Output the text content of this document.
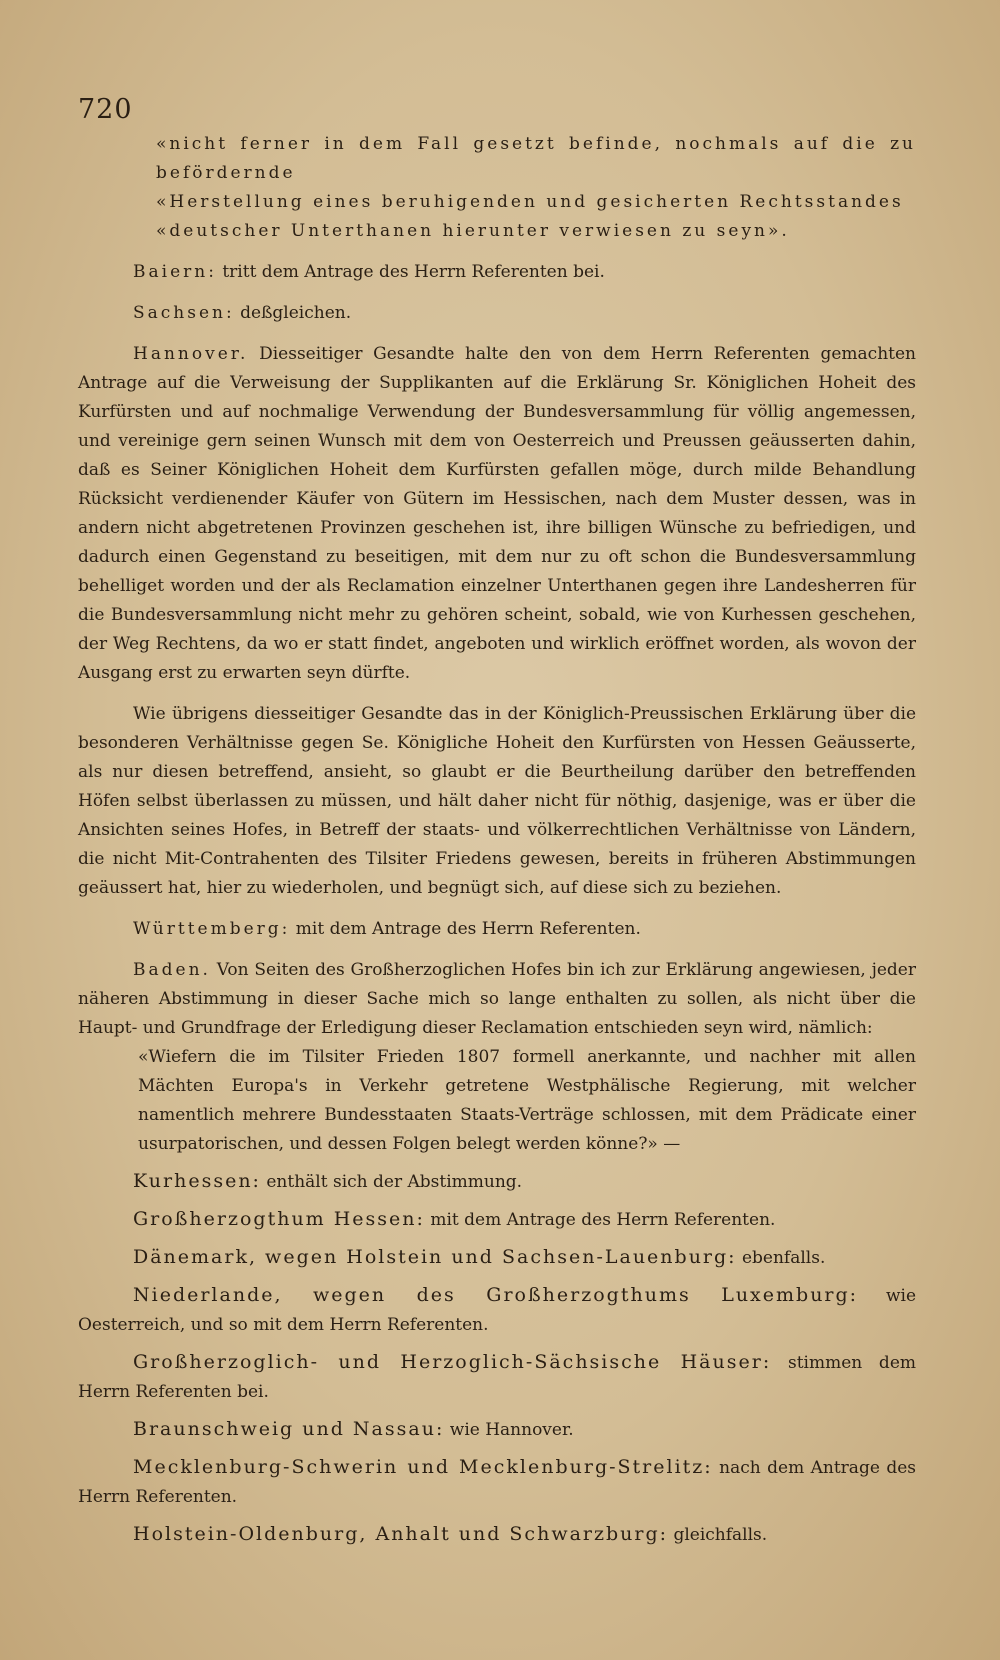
720

«nicht ferner in dem Fall gesetzt befinde, nochmals auf die zu befördernde

«Herstellung eines beruhigenden und gesicherten Rechtsstandes

«deutscher Unterthanen hierunter verwiesen zu seyn».

Baiern: tritt dem Antrage des Herrn Referenten bei.

Sachsen: deßgleichen.

Hannover. Diesseitiger Gesandte halte den von dem Herrn Referenten gemachten Antrage auf die Verweisung der Supplikanten auf die Erklärung Sr. Königlichen Hoheit des Kurfürsten und auf nochmalige Verwendung der Bundesversammlung für völlig angemessen, und vereinige gern seinen Wunsch mit dem von Oesterreich und Preussen geäusserten dahin, daß es Seiner Königlichen Hoheit dem Kurfürsten gefallen möge, durch milde Behandlung Rücksicht verdienender Käufer von Gütern im Hessischen, nach dem Muster dessen, was in andern nicht abgetretenen Provinzen geschehen ist, ihre billigen Wünsche zu befriedigen, und dadurch einen Gegenstand zu beseitigen, mit dem nur zu oft schon die Bundesversammlung behelliget worden und der als Reclamation einzelner Unterthanen gegen ihre Landesherren für die Bundesversammlung nicht mehr zu gehören scheint, sobald, wie von Kurhessen geschehen, der Weg Rechtens, da wo er statt findet, angeboten und wirklich eröffnet worden, als wovon der Ausgang erst zu erwarten seyn dürfte.

Wie übrigens diesseitiger Gesandte das in der Königlich-Preussischen Erklärung über die besonderen Verhältnisse gegen Se. Königliche Hoheit den Kurfürsten von Hessen Geäusserte, als nur diesen betreffend, ansieht, so glaubt er die Beurtheilung darüber den betreffenden Höfen selbst überlassen zu müssen, und hält daher nicht für nöthig, dasjenige, was er über die Ansichten seines Hofes, in Betreff der staats- und völkerrechtlichen Verhältnisse von Ländern, die nicht Mit-Contrahenten des Tilsiter Friedens gewesen, bereits in früheren Abstimmungen geäussert hat, hier zu wiederholen, und begnügt sich, auf diese sich zu beziehen.

Württemberg: mit dem Antrage des Herrn Referenten.

Baden. Von Seiten des Großherzoglichen Hofes bin ich zur Erklärung angewiesen, jeder näheren Abstimmung in dieser Sache mich so lange enthalten zu sollen, als nicht über die Haupt- und Grundfrage der Erledigung dieser Reclamation entschieden seyn wird, nämlich:

«Wiefern die im Tilsiter Frieden 1807 formell anerkannte, und nachher mit allen Mächten Europa's in Verkehr getretene Westphälische Regierung, mit welcher namentlich mehrere Bundesstaaten Staats-Verträge schlossen, mit dem Prädicate einer usurpatorischen, und dessen Folgen belegt werden könne?» —

Kurhessen: enthält sich der Abstimmung.

Großherzogthum Hessen: mit dem Antrage des Herrn Referenten.

Dänemark, wegen Holstein und Sachsen-Lauenburg: ebenfalls.

Niederlande, wegen des Großherzogthums Luxemburg: wie Oesterreich, und so mit dem Herrn Referenten.

Großherzoglich- und Herzoglich-Sächsische Häuser: stimmen dem Herrn Referenten bei.

Braunschweig und Nassau: wie Hannover.

Mecklenburg-Schwerin und Mecklenburg-Strelitz: nach dem Antrage des Herrn Referenten.

Holstein-Oldenburg, Anhalt und Schwarzburg: gleichfalls.
